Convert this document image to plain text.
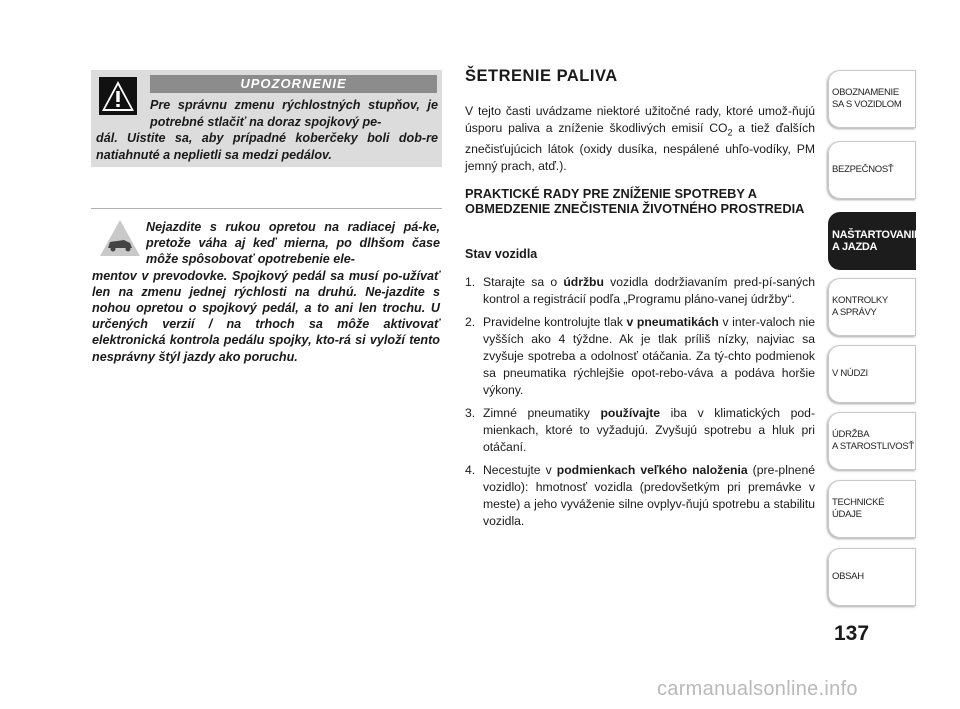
UPOZORNENIE
Pre správnu zmenu rýchlostných stupňov, je potrebné stlačiť na doraz spojkový pe-
dál. Uistite sa, aby prípadné koberčeky boli dob-re natiahnuté a neplietli sa medzi pedálov.
Nejazdite s rukou opretou na radiacej pá-ke, pretože váha aj keď mierna, po dlhšom čase môže spôsobovať opotrebenie ele-
mentov v prevodovke. Spojkový pedál sa musí po-užívať len na zmenu jednej rýchlosti na druhú. Ne-jazdite s nohou opretou o spojkový pedál, a to ani len trochu. U určených verzií / na trhoch sa môže aktivovať elektronická kontrola pedálu spojky, kto-rá si vyloží tento nesprávny štýl jazdy ako poruchu.
ŠETRENIE PALIVA
V tejto časti uvádzame niektoré užitočné rady, ktoré umož-ňujú úsporu paliva a zníženie škodlivých emisií $CO_2$ a tiež ďalších znečisťujúcich látok (oxidy dusíka, nespálené uhľo-vodíky, PM jemný prach, atď.).
PRAKTICKÉ RADY PRE ZNÍŽENIE SPOTREBY A OBMEDZENIE ZNEČISTENIA ŽIVOTNÉHO PROSTREDIA
Stav vozidla
1. Starajte sa o údržbu vozidla dodržiavaním pred-pí-saných kontrol a registrácií podľa „Programu pláno-vanej údržby“.
2. Pravidelne kontrolujte tlak v pneumatikách v inter-valoch nie vyšších ako 4 týždne. Ak je tlak príliš nízky, najviac sa zvyšuje spotreba a odolnosť otáčania. Za tý-chto podmienok sa pneumatika rýchlejšie opot-rebo-váva a podáva horšie výkony.
3. Zimné pneumatiky používajte iba v klimatických pod-mienkach, ktoré to vyžadujú. Zvyšujú spotrebu a hluk pri otáčaní.
4. Necestujte v podmienkach veľkého naloženia (pre-plnené vozidlo): hmotnosť vozidla (predovšetkým pri premávke v meste) a jeho vyváženie silne ovplyv-ňujú spotrebu a stabilitu vozidla.
OBOZNAMENIE
SA S VOZIDLOM
BEZPEČNOSŤ
NAŠTARTOVANIE
A JAZDA
KONTROLKY
A SPRÁVY
V NÚDZI
ÚDRŽBA
A STAROSTLIVOSŤ
TECHNICKÉ
ÚDAJE
OBSAH
137
carmanualsonline.info
